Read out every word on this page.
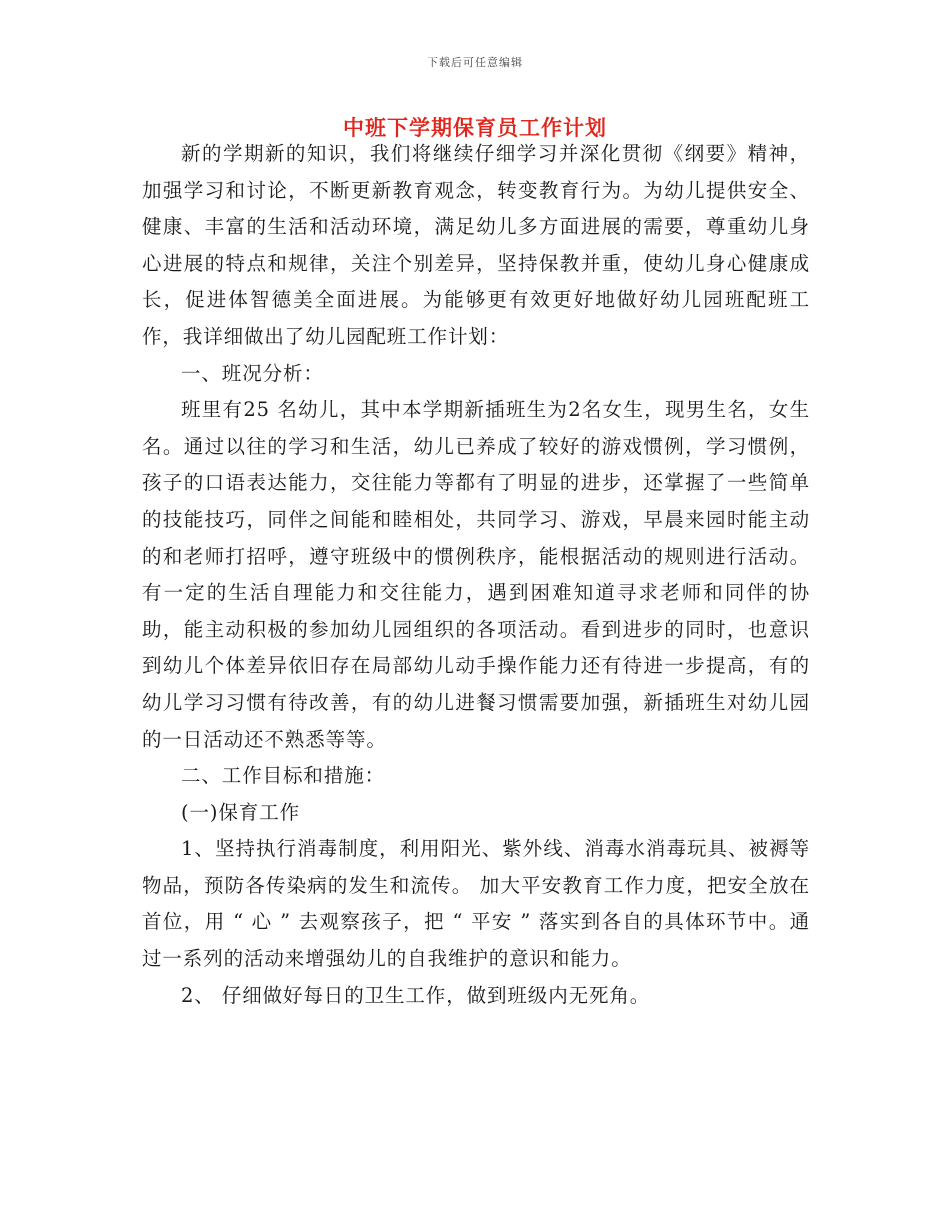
下载后可任意编辑
中班下学期保育员工作计划

新的学期新的知识，我们将继续仔细学习并深化贯彻《纲要》精神，加强学习和讨论，不断更新教育观念，转变教育行为。为幼儿提供安全、健康、丰富的生活和活动环境，满足幼儿多方面进展的需要，尊重幼儿身心进展的特点和规律，关注个别差异，坚持保教并重，使幼儿身心健康成长，促进体智德美全面进展。为能够更有效更好地做好幼儿园班配班工作，我详细做出了幼儿园配班工作计划：

一、班况分析：

班里有25 名幼儿，其中本学期新插班生为2名女生，现男生名，女生 名。通过以往的学习和生活，幼儿已养成了较好的游戏惯例，学习惯例，孩子的口语表达能力，交往能力等都有了明显的进步，还掌握了一些简单的技能技巧，同伴之间能和睦相处，共同学习、游戏，早晨来园时能主动的和老师打招呼，遵守班级中的惯例秩序，能根据活动的规则进行活动。有一定的生活自理能力和交往能力，遇到困难知道寻求老师和同伴的协助，能主动积极的参加幼儿园组织的各项活动。看到进步的同时，也意识到幼儿个体差异依旧存在局部幼儿动手操作能力还有待进一步提高，有的幼儿学习习惯有待改善，有的幼儿进餐习惯需要加强，新插班生对幼儿园的一日活动还不熟悉等等。

二、工作目标和措施：

(一)保育工作

1、坚持执行消毒制度，利用阳光、紫外线、消毒水消毒玩具、被褥等物品，预防各传染病的发生和流传。 加大平安教育工作力度，把安全放在首位，用 “ 心 ” 去观察孩子，把 “ 平安 ” 落实到各自的具体环节中。通过一系列的活动来增强幼儿的自我维护的意识和能力。

2、 仔细做好每日的卫生工作，做到班级内无死角。
